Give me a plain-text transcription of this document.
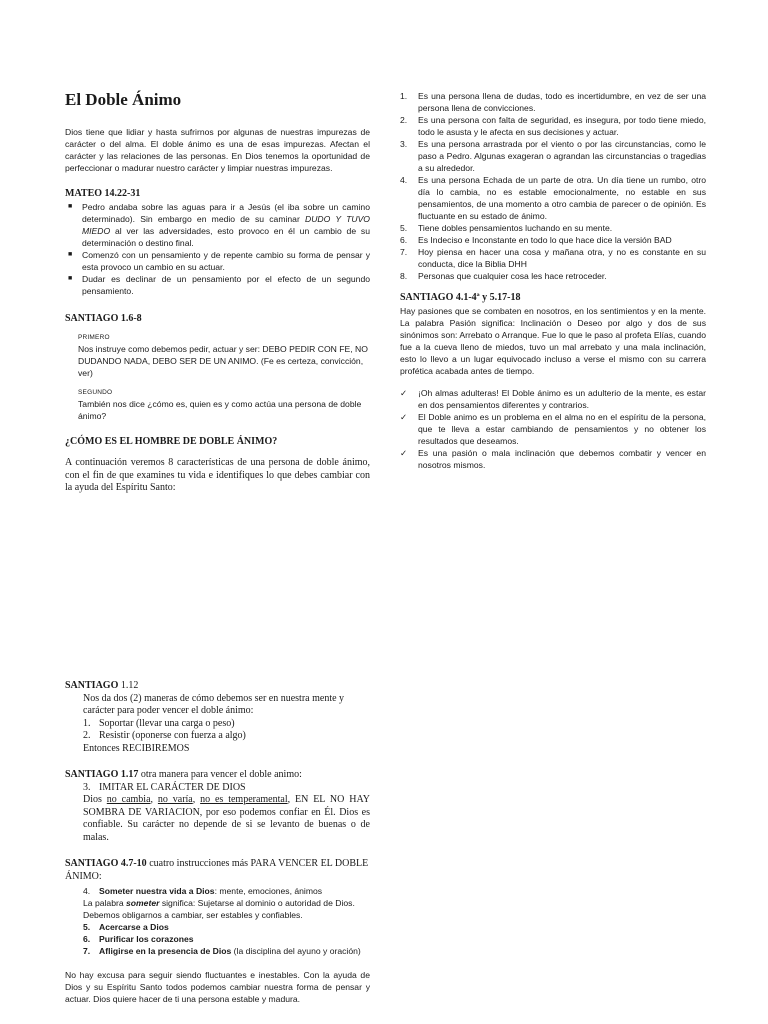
El Doble Ánimo

Dios tiene que lidiar y hasta sufrirnos por algunas de nuestras impurezas de carácter o del alma. El doble ánimo es una de esas impurezas. Afectan el carácter y las relaciones de las personas. En Dios tenemos la oportunidad de perfeccionar o madurar nuestro carácter y limpiar nuestras impurezas.

MATEO 14.22-31
■ Pedro andaba sobre las aguas para ir a Jesús (el iba sobre un camino determinado). Sin embargo en medio de su caminar DUDO Y TUVO MIEDO al ver las adversidades, esto provoco en él un cambio de su determinación o destino final.
■ Comenzó con un pensamiento y de repente cambio su forma de pensar y esta provoco un cambio en su actuar.
■ Dudar es declinar de un pensamiento por el efecto de un segundo pensamiento.
SANTIAGO 1.6-8
PRIMERO

Nos instruye como debemos pedir, actuar y ser: DEBO PEDIR CON FE, NO DUDANDO NADA, DEBO SER DE UN ANIMO. (Fe es certeza, convicción, ver)

SEGUNDO

También nos dice ¿cómo es, quien es y como actúa una persona de doble ánimo?

¿CÓMO ES EL HOMBRE DE DOBLE ÁNIMO?

A continuación veremos 8 características de una persona de doble ánimo, con el fin de que examines tu vida e identifiques lo que debes cambiar con la ayuda del Espíritu Santo:

1. Es una persona llena de dudas, todo es incertidumbre, en vez de ser una persona llena de convicciones.
2. Es una persona con falta de seguridad, es insegura, por todo tiene miedo, todo le asusta y le afecta en sus decisiones y actuar.
3. Es una persona arrastrada por el viento o por las circunstancias, como le paso a Pedro. Algunas exageran o agrandan las circunstancias o tragedias a su alrededor.
4. Es una persona Echada de un parte de otra. Un día tiene un rumbo, otro día lo cambia, no es estable emocionalmente, no estable en sus pensamientos, de una momento a otro cambia de parecer o de opinión. Es fluctuante en su estado de ánimo.
5. Tiene dobles pensamientos luchando en su mente.
6. Es Indeciso e Inconstante en todo lo que hace dice la versión BAD
7. Hoy piensa en hacer una cosa y mañana otra, y no es constante en su conducta, dice la Biblia DHH
8. Personas que cualquier cosa les hace retroceder.
SANTIAGO 4.1-4ª y 5.17-18

Hay pasiones que se combaten en nosotros, en los sentimientos y en la mente. La palabra Pasión significa: Inclinación o Deseo por algo y dos de sus sinónimos son: Arrebato o Arranque. Fue lo que le paso al profeta Elías, cuando fue a la cueva lleno de miedos, tuvo un mal arrebato y una mala inclinación, esto lo llevo a un lugar equivocado incluso a verse el mismo con su carrera profética acabada antes de tiempo.

✓ ¡Oh almas adulteras! El Doble ánimo es un adulterio de la mente, es estar en dos pensamientos diferentes y contrarios.
✓ El Doble animo es un problema en el alma no en el espíritu de la persona, que te lleva a estar cambiando de pensamientos y no obtener los resultados que deseamos.
✓ Es una pasión o mala inclinación que debemos combatir y vencer en nosotros mismos.
SANTIAGO 1.12

Nos da dos (2) maneras de cómo debemos ser en nuestra mente y carácter para poder vencer el doble ánimo:

1. Soportar (llevar una carga o peso)
2. Resistir (oponerse con fuerza a algo)

Entonces RECIBIREMOS

SANTIAGO 1.17 otra manera para vencer el doble animo:
3. IMITAR EL CARÁCTER DE DIOS

Dios no cambia, no varía, no es temperamental, EN EL NO HAY SOMBRA DE VARIACION, por eso podemos confiar en Él. Dios es confiable. Su carácter no depende de si se levanto de buenas o de malas.

SANTIAGO 4.7-10 cuatro instrucciones más PARA VENCER EL DOBLE ÁNIMO:
4. Someter nuestra vida a Dios: mente, emociones, ánimos

La palabra someter significa: Sujetarse al dominio o autoridad de Dios. Debemos obligarnos a cambiar, ser estables y confiables.

5. Acercarse a Dios
6. Purificar los corazones
7. Afligirse en la presencia de Dios (la disciplina del ayuno y oración)

No hay excusa para seguir siendo fluctuantes e inestables. Con la ayuda de Dios y su Espíritu Santo todos podemos cambiar nuestra forma de pensar y actuar. Dios quiere hacer de ti una persona estable y madura.
